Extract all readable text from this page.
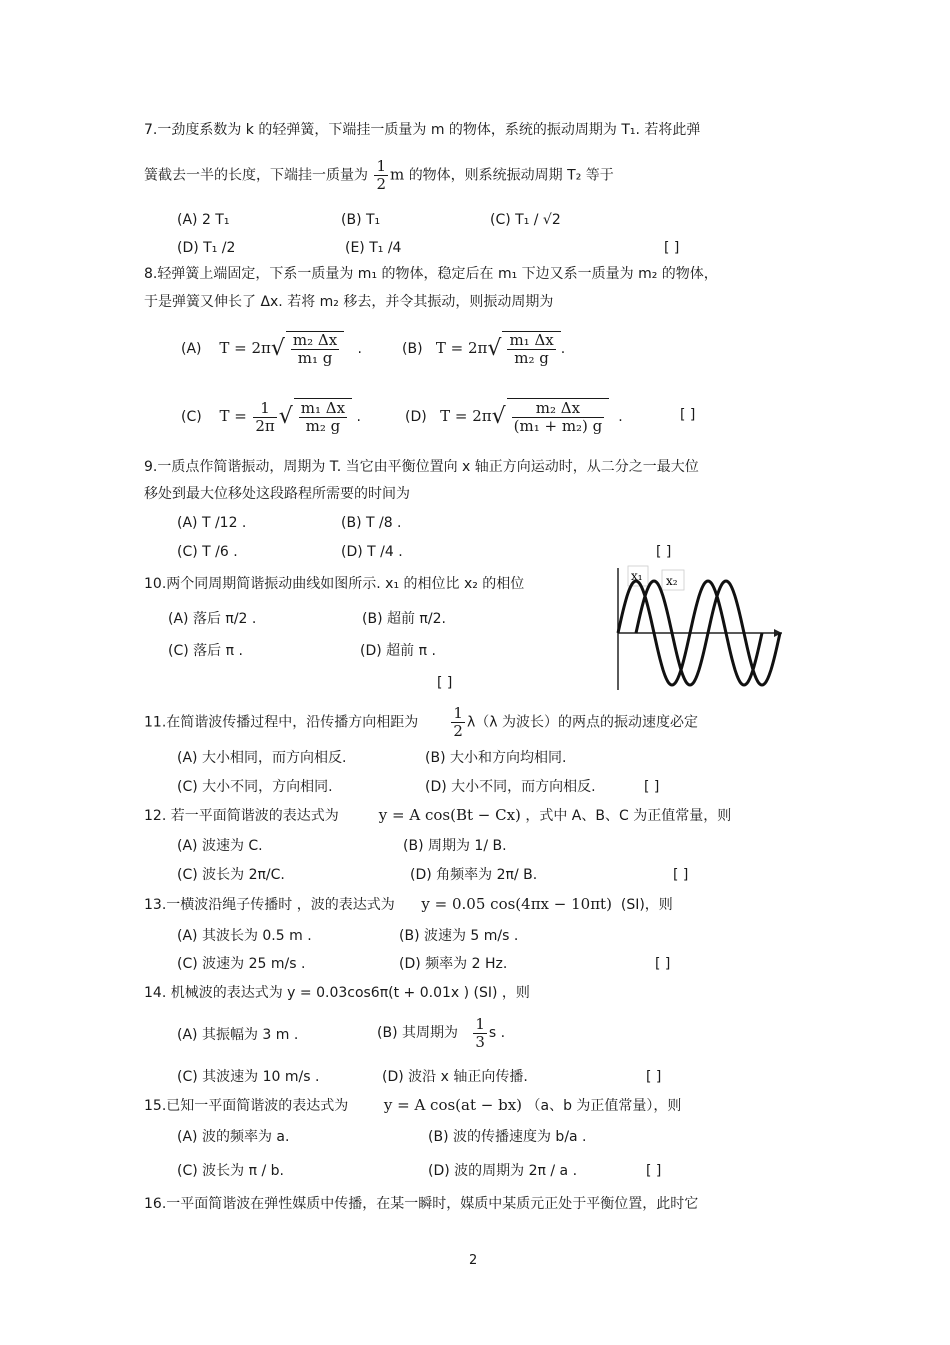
7.一劲度系数为 k 的轻弹簧，下端挂一质量为 m 的物体，系统的振动周期为 T₁. 若将此弹
簧截去一半的长度，下端挂一质量为 $\frac{1}{2}$ m 的物体，则系统振动周期 T₂ 等于
(A) 2 T₁	(B) T₁	(C) T₁ / √2
(D) T₁ /2	(E) T₁ /4	[ ]
8.轻弹簧上端固定，下系一质量为 m₁ 的物体，稳定后在 m₁ 下边又系一质量为 m₂ 的物体，
于是弹簧又伸长了 Δx. 若将 m₂ 移去，并令其振动，则振动周期为
(A) $T = 2\pi√ \frac{\text{m₂ Δx}}{\text{m₁ g}}$ .	(B) $T = 2\pi√ \frac{\text{m₁ Δx}}{\text{m₂ g}}$ .
(C) $T = \frac{1}{2\pi}$ √ $\frac{\text{m₁ Δx}}{\text{m₂ g}}$ .	(D) $T = 2\pi√ \frac{\text{m₂ Δx}}{\text{(m₁ + m₂) g}}$ .	[ ]
9.一质点作简谐振动，周期为 T. 当它由平衡位置向 x 轴正方向运动时，从二分之一最大位
移处到最大位移处这段路程所需要的时间为
(A) T /12 .	(B) T /8 .
(C) T /6 .	(D) T /4 .	[ ]
10.两个同周期简谐振动曲线如图所示. x₁ 的相位比 x₂ 的相位
(A) 落后 π/2 .	(B) 超前 π/2.
(C) 落后 π .	(D) 超前 π .
[ ]
x₁ x₂
11.在简谐波传播过程中，沿传播方向相距为 $\frac{1}{2} \lambda(\lambda$ 为波长）的两点的振动速度必定
(A) 大小相同，而方向相反.	(B) 大小和方向均相同.
(C) 大小不同，方向相同.	(D) 大小不同，而方向相反.	[ ]
12. 若一平面简谐波的表达式为	y = A cos(Bt − Cx) ，式中 A、B、C 为正值常量，则
(A) 波速为 C.	(B) 周期为 1/ B.
(C) 波长为 2π/C.	(D) 角频率为 2π/ B.	[ ]
13.一横波沿绳子传播时 ，波的表达式为 y = 0.05 cos(4πx − 10πt) (SI)，则
(A) 其波长为 0.5 m .	(B) 波速为 5 m/s .
(C) 波速为 25 m/s .	(D) 频率为 2 Hz.	[ ]
14. 机械波的表达式为 y = 0.03cos6π(t + 0.01x ) (SI) ，则
(A) 其振幅为 3 m .	(B) 其周期为 $\frac{1}{3}$ s .
(C) 其波速为 10 m/s .	(D) 波沿 x 轴正向传播.	[ ]
15.已知一平面简谐波的表达式为 y = A cos(at − bx) （a、b 为正值常量），则
(A) 波的频率为 a.	(B) 波的传播速度为 b/a .
(C) 波长为 π / b.	(D) 波的周期为 2π / a .	[ ]
16.一平面简谐波在弹性媒质中传播，在某一瞬时，媒质中某质元正处于平衡位置，此时它
2
